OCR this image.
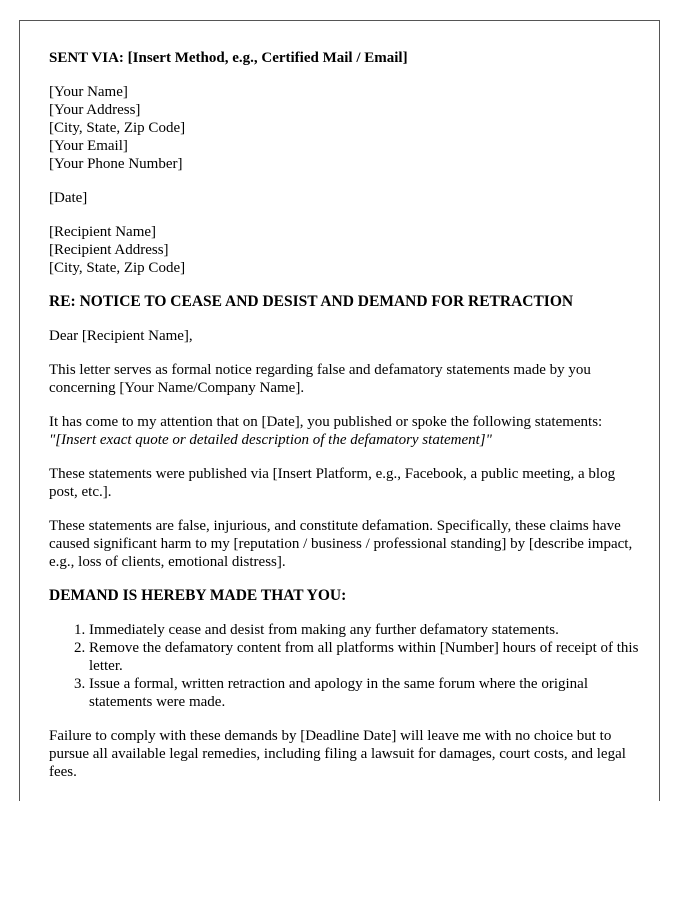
SENT VIA: [Insert Method, e.g., Certified Mail / Email]

[Your Name]
[Your Address]
[City, State, Zip Code]
[Your Email]
[Your Phone Number]

[Date]

[Recipient Name]
[Recipient Address]
[City, State, Zip Code]

RE: NOTICE TO CEASE AND DESIST AND DEMAND FOR RETRACTION

Dear [Recipient Name],

This letter serves as formal notice regarding false and defamatory statements made by you concerning [Your Name/Company Name].

It has come to my attention that on [Date], you published or spoke the following statements:
"[Insert exact quote or detailed description of the defamatory statement]"

These statements were published via [Insert Platform, e.g., Facebook, a public meeting, a blog post, etc.].

These statements are false, injurious, and constitute defamation. Specifically, these claims have caused significant harm to my [reputation / business / professional standing] by [describe impact, e.g., loss of clients, emotional distress].

DEMAND IS HEREBY MADE THAT YOU:

1. Immediately cease and desist from making any further defamatory statements.
2. Remove the defamatory content from all platforms within [Number] hours of receipt of this letter.
3. Issue a formal, written retraction and apology in the same forum where the original statements were made.

Failure to comply with these demands by [Deadline Date] will leave me with no choice but to pursue all available legal remedies, including filing a lawsuit for damages, court costs, and legal fees.
